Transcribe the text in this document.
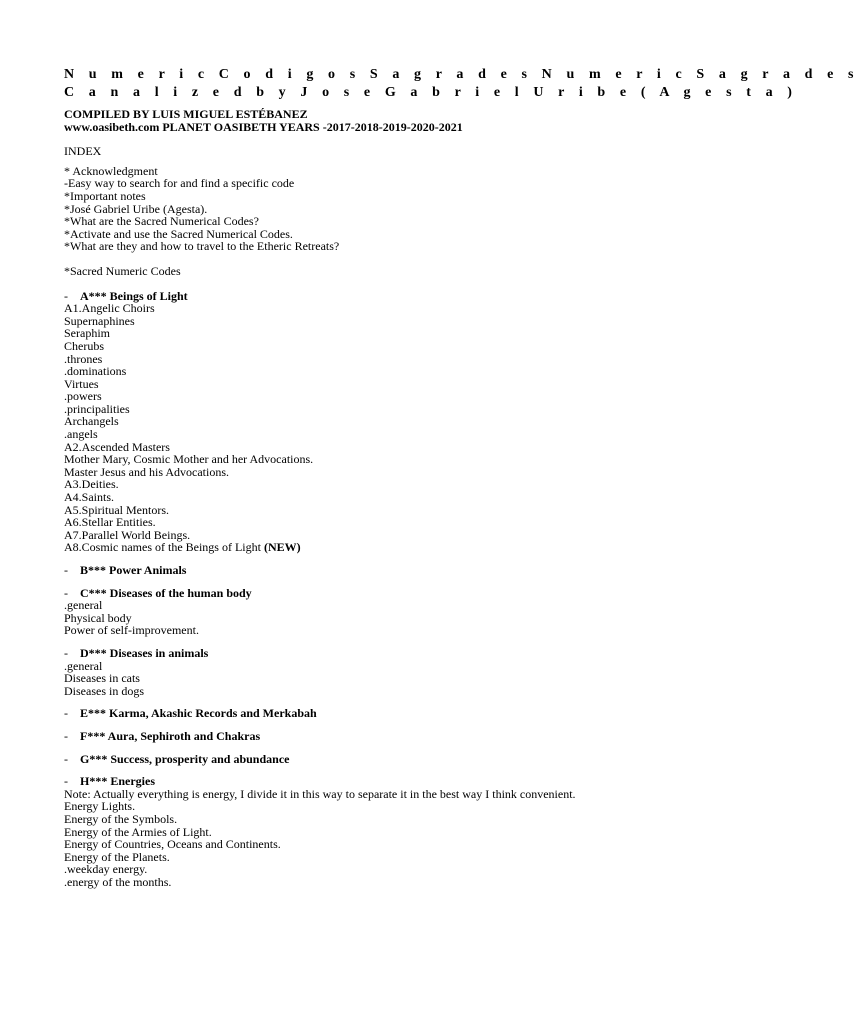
N u m e r i c C o d i g o s S a g r a d e s N u m e r i c S a g r a d e s
C a n a l i z e d b y J o s e G a b r i e l U r i b e ( A g e s t a )
COMPILED BY LUIS MIGUEL ESTÉBANEZ
www.oasibeth.com PLANET OASIBETH YEARS -2017-2018-2019-2020-2021
INDEX
* Acknowledgment
-Easy way to search for and find a specific code
*Important notes
*José Gabriel Uribe (Agesta).
*What are the Sacred Numerical Codes?
*Activate and use the Sacred Numerical Codes.
*What are they and how to travel to the Etheric Retreats?
*Sacred Numeric Codes
- A*** Beings of Light
A1.Angelic Choirs
Supernaphines
Seraphim
Cherubs
.thrones
.dominations
Virtues
.powers
.principalities
Archangels
.angels
A2.Ascended Masters
Mother Mary, Cosmic Mother and her Advocations.
Master Jesus and his Advocations.
A3.Deities.
A4.Saints.
A5.Spiritual Mentors.
A6.Stellar Entities.
A7.Parallel World Beings.
A8.Cosmic names of the Beings of Light (NEW)
- B*** Power Animals
- C*** Diseases of the human body
.general
Physical body
Power of self-improvement.
- D*** Diseases in animals
.general
Diseases in cats
Diseases in dogs
- E*** Karma, Akashic Records and Merkabah
- F*** Aura, Sephiroth and Chakras
- G*** Success, prosperity and abundance
- H*** Energies
Note: Actually everything is energy, I divide it in this way to separate it in the best way I think convenient.
Energy Lights.
Energy of the Symbols.
Energy of the Armies of Light.
Energy of Countries, Oceans and Continents.
Energy of the Planets.
.weekday energy.
.energy of the months.
